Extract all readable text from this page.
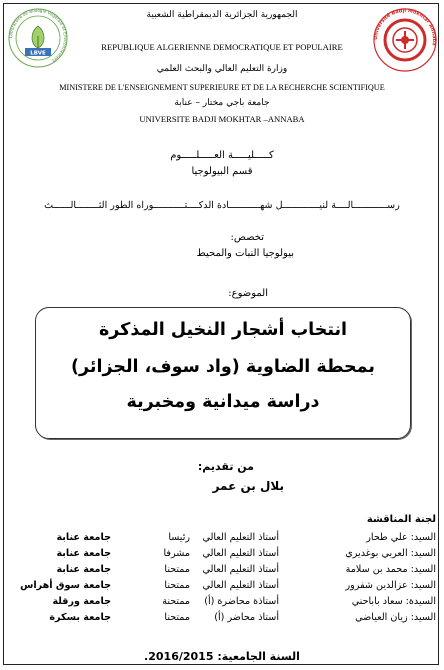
Laboratoire de Biologie Végétale et Environnement
LBVE
Université Badji Mokhtar Annaba
الجمهورية الجزائرية الديمقراطية الشعبية
REPUBLIQUE ALGERIENNE DEMOCRATIQUE ET POPULAIRE
وزارة التعليم العالي والبحث العلمي
MINISTERE DE L'ENSEIGNEMENT SUPERIEURE ET DE LA RECHERCHE SCIENTIFIQUE
جامعة باجي مختار – عنابة
UNIVERSITE BADJI MOKHTAR –ANNABA
كـــــليـــــة العـــــلـــــوم
قسم البيولوجيا
رســــــــــــالــــة لنيـــــــــــــل شهـــــــــــادة الدكــــتـــــــــــوراه الطور الثــــــــالــــــث
تخصص:
بيولوجيا النبات والمحيط
الموضوع:
انتخاب أشجار النخيل المذكرة
بمحطة الضاوية (واد سوف، الجزائر)
دراسة ميدانية ومخبرية
من تقديم:
بلال بن عمر
لجنة المناقشة
السيد: علي طحار
أستاذ التعليم العالي
رئيسا
جامعة عنابة
السيد: العربي بوغديري
أستاذ التعليم العالي
مشرفا
جامعة عنابة
السيد: محمد بن سلامة
أستاذ التعليم العالي
ممتحنا
جامعة عنابة
السيد: عزالدين شفرور
أستاذ التعليم العالي
ممتحنا
جامعة سوق أهراس
السيدة: سعاد باباحني
أستاذة محاضرة (أ)
ممتحنة
جامعة ورقلة
السيد: زيان العياضي
أستاذ محاضر (أ)
ممتحنا
جامعة بسكرة
السنة الجامعية: 2016/2015.
